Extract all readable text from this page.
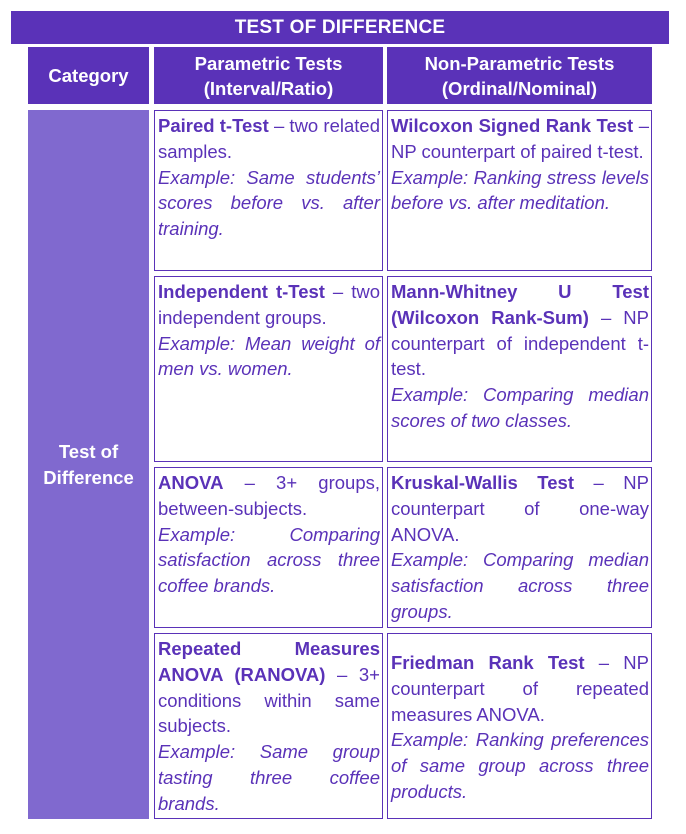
TEST OF DIFFERENCE
Category
Parametric Tests
(Interval/Ratio)
Non-Parametric Tests
(Ordinal/Nominal)
Test of
Difference
Paired t-Test – two related samples.
Example: Same students’ scores before vs. after training.
Wilcoxon Signed Rank Test – NP counterpart of paired t-test.
Example: Ranking stress levels before vs. after meditation.
Independent t-Test – two independent groups.
Example: Mean weight of men vs. women.
Mann-Whitney U Test (Wilcoxon Rank-Sum) – NP counterpart of independent t-test.
Example: Comparing median scores of two classes.
ANOVA – 3+ groups, between-subjects.
Example: Comparing satisfaction across three coffee brands.
Kruskal-Wallis Test – NP counterpart of one-way ANOVA.
Example: Comparing median satisfaction across three groups.
Repeated Measures ANOVA (RANOVA) – 3+ conditions within same subjects.
Example: Same group tasting three coffee brands.
Friedman Rank Test – NP counterpart of repeated measures ANOVA.
Example: Ranking preferences of same group across three products.
